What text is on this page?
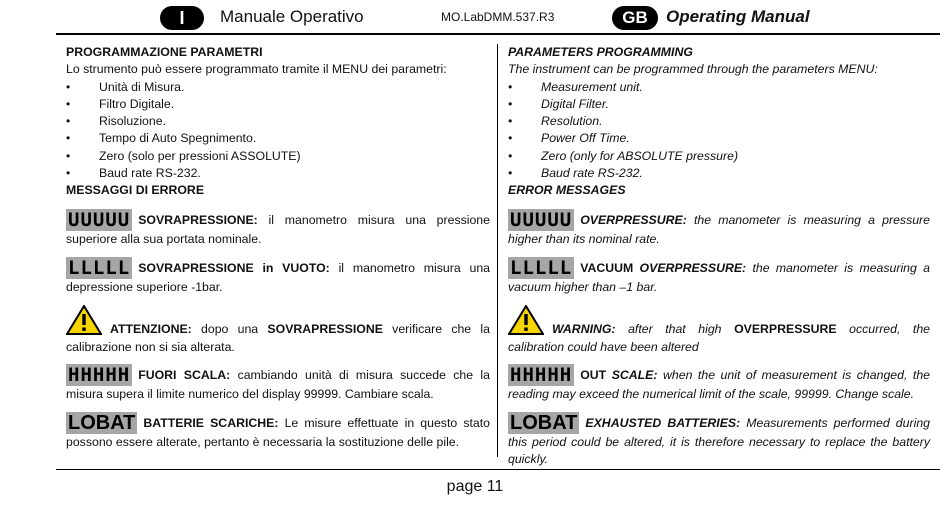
I	Manuale Operativo	MO.LabDMM.537.R3	GB	Operating Manual
PROGRAMMAZIONE PARAMETRI
Lo strumento può essere programmato tramite il MENU dei parametri:
• Unità di Misura.
• Filtro Digitale.
• Risoluzione.
• Tempo di Auto Spegnimento.
• Zero (solo per pressioni ASSOLUTE)
• Baud rate RS-232.
MESSAGGI DI ERRORE
UUUUU SOVRAPRESSIONE: il manometro misura una pressione superiore alla sua portata nominale.
LLLLL SOVRAPRESSIONE in VUOTO: il manometro misura una depressione superiore -1bar.
ATTENZIONE: dopo una SOVRAPRESSIONE verificare che la calibrazione non si sia alterata.
HHHHH FUORI SCALA: cambiando unità di misura succede che la misura supera il limite numerico del display 99999. Cambiare scala.
LOBAT BATTERIE SCARICHE: Le misure effettuate in questo stato possono essere alterate, pertanto è necessaria la sostituzione delle pile.
PARAMETERS PROGRAMMING
The instrument can be programmed through the parameters MENU:
• Measurement unit.
• Digital Filter.
• Resolution.
• Power Off Time.
• Zero (only for ABSOLUTE pressure)
• Baud rate RS-232.
ERROR MESSAGES
UUUUU OVERPRESSURE: the manometer is measuring a pressure higher than its nominal rate.
LLLLL VACUUM OVERPRESSURE: the manometer is measuring a vacuum higher than –1 bar.
WARNING: after that high OVERPRESSURE occurred, the calibration could have been altered
HHHHH OUT SCALE: when the unit of measurement is changed, the reading may exceed the numerical limit of the scale, 99999. Change scale.
LOBAT EXHAUSTED BATTERIES: Measurements performed during this period could be altered, it is therefore necessary to replace the battery quickly.
page 11
